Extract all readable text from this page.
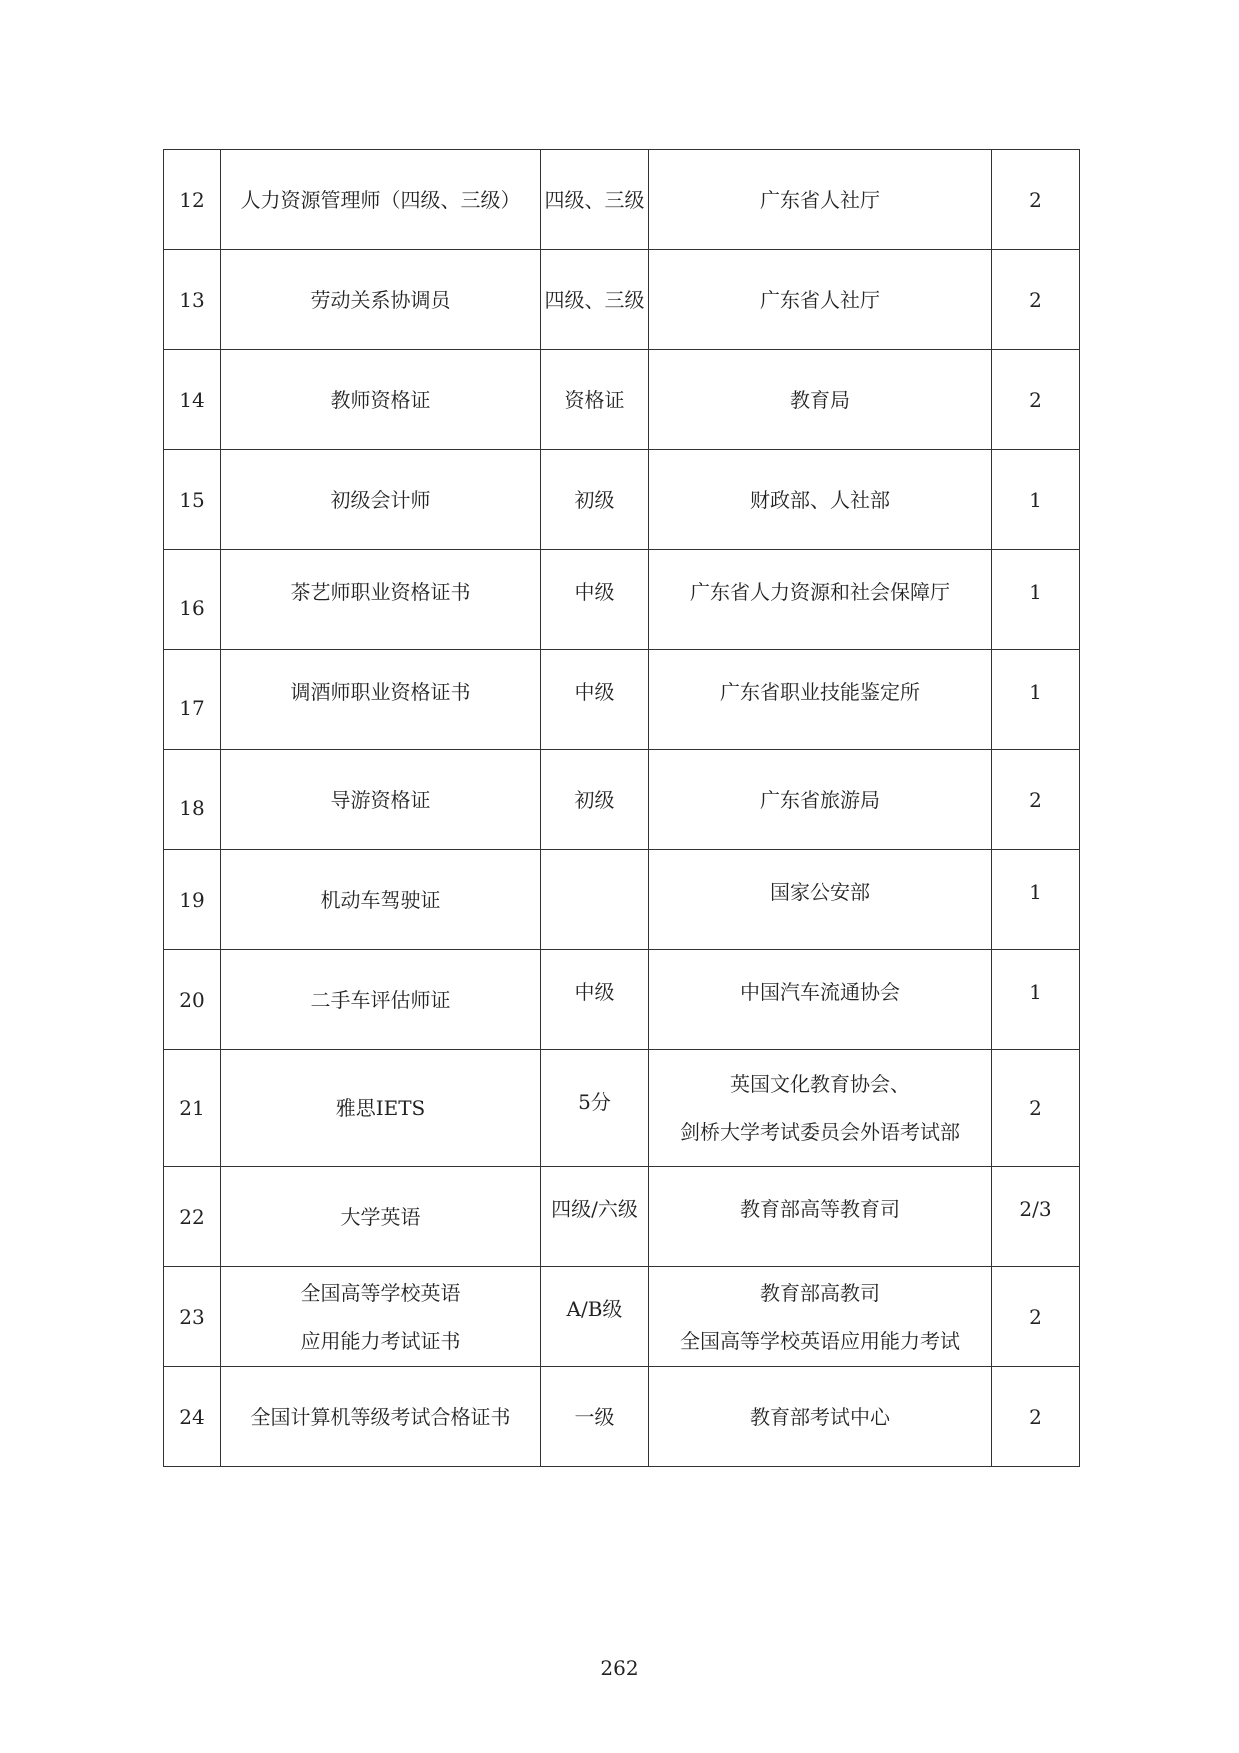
12	人力资源管理师（四级、三级）	四级、三级	广东省人社厅	2

13	劳动关系协调员	四级、三级	广东省人社厅	2

14	教师资格证	资格证	教育局	2

15	初级会计师	初级	财政部、人社部	1

16	茶艺师职业资格证书	中级	广东省人力资源和社会保障厅	1

17	调酒师职业资格证书	中级	广东省职业技能鉴定所	1

18	导游资格证	初级	广东省旅游局	2

19	机动车驾驶证		国家公安部	1

20	二手车评估师证	中级	中国汽车流通协会	1

21	雅思IETS	5分	英国文化教育协会、
剑桥大学考试委员会外语考试部	2

22	大学英语	四级/六级	教育部高等教育司	2/3

23	全国高等学校英语
应用能力考试证书	A/B级	教育部高教司
全国高等学校英语应用能力考试	2

24	全国计算机等级考试合格证书	一级	教育部考试中心	2
262
